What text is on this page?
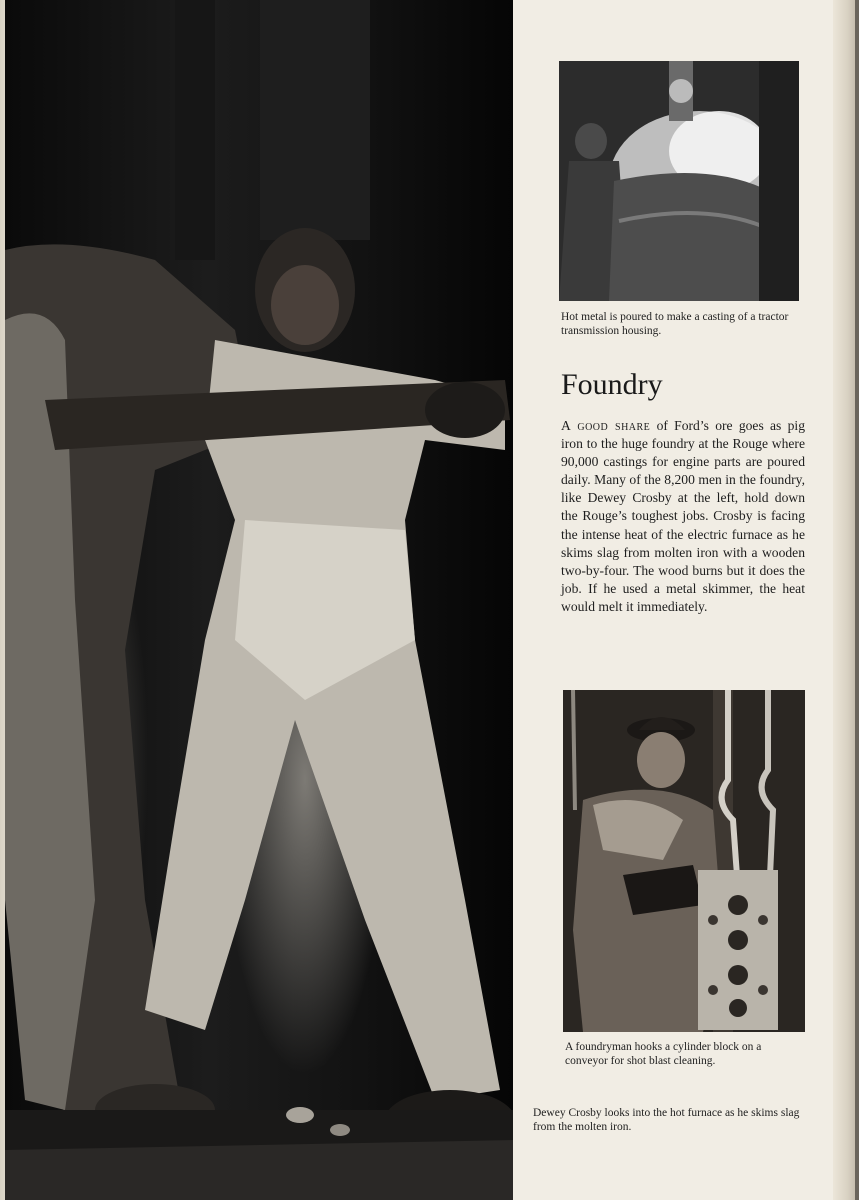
Hot metal is poured to make a casting of a tractor transmission housing.
Foundry

A good share of Ford’s ore goes as pig iron to the huge foundry at the Rouge where 90,000 castings for engine parts are poured daily. Many of the 8,200 men in the foundry, like Dewey Crosby at the left, hold down the Rouge’s toughest jobs. Crosby is facing the intense heat of the electric furnace as he skims slag from molten iron with a wooden two-by-four. The wood burns but it does the job. If he used a metal skimmer, the heat would melt it immediately.

A foundryman hooks a cylinder block on a conveyor for shot blast cleaning.
Dewey Crosby looks into the hot furnace as he skims slag from the molten iron.
